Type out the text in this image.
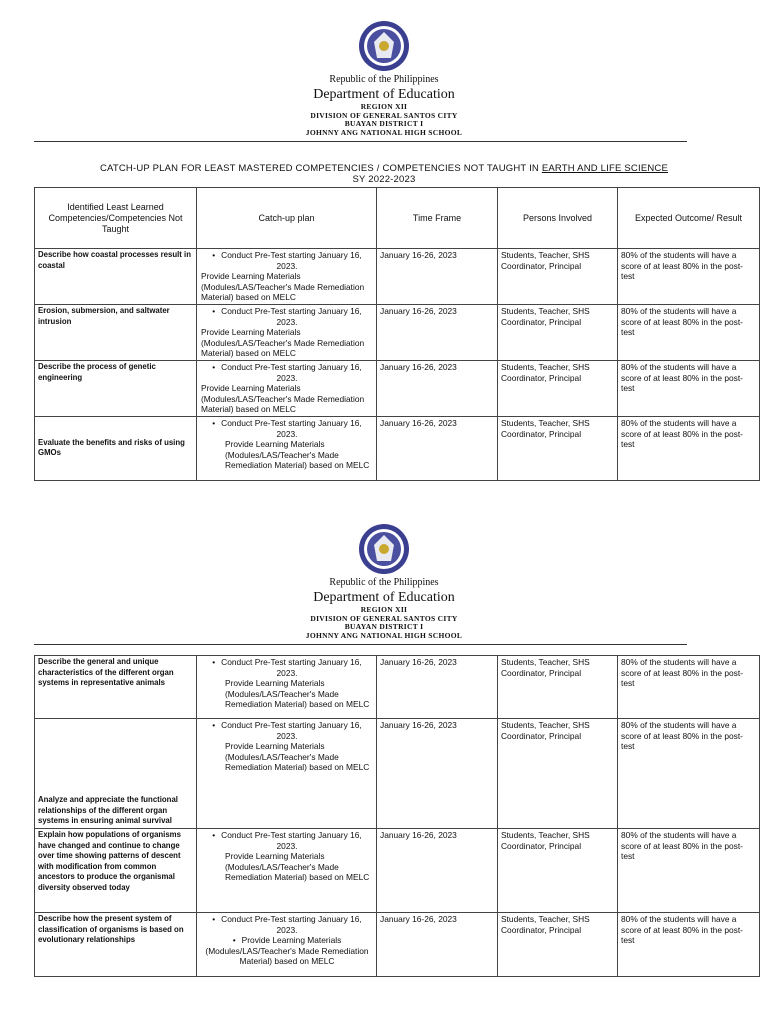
Republic of the Philippines
Department of Education
REGION XII
DIVISION OF GENERAL SANTOS CITY
BUAYAN DISTRICT I
JOHNNY ANG NATIONAL HIGH SCHOOL
CATCH-UP PLAN FOR LEAST MASTERED COMPETENCIES / COMPETENCIES NOT TAUGHT IN EARTH AND LIFE SCIENCE
SY 2022-2023
Identified Least Learned Competencies/Competencies Not Taught	Catch-up plan	Time Frame	Persons Involved	Expected Outcome/ Result
Describe how coastal processes result in coastal	• Conduct Pre-Test starting January 16, 2023.
Provide Learning Materials (Modules/LAS/Teacher's Made Remediation Material) based on MELC	January 16-26, 2023	Students, Teacher, SHS Coordinator, Principal	80% of the students will have a score of at least 80% in the post-test
Erosion, submersion, and saltwater intrusion	• Conduct Pre-Test starting January 16, 2023.
Provide Learning Materials (Modules/LAS/Teacher's Made Remediation Material) based on MELC	January 16-26, 2023	Students, Teacher, SHS Coordinator, Principal	80% of the students will have a score of at least 80% in the post-test
Describe the process of genetic engineering	• Conduct Pre-Test starting January 16, 2023.
Provide Learning Materials (Modules/LAS/Teacher's Made Remediation Material) based on MELC	January 16-26, 2023	Students, Teacher, SHS Coordinator, Principal	80% of the students will have a score of at least 80% in the post-test
Evaluate the benefits and risks of using GMOs	• Conduct Pre-Test starting January 16, 2023.
Provide Learning Materials (Modules/LAS/Teacher's Made Remediation Material) based on MELC	January 16-26, 2023	Students, Teacher, SHS Coordinator, Principal	80% of the students will have a score of at least 80% in the post-test
Republic of the Philippines
Department of Education
REGION XII
DIVISION OF GENERAL SANTOS CITY
BUAYAN DISTRICT I
JOHNNY ANG NATIONAL HIGH SCHOOL
Describe the general and unique characteristics of the different organ systems in representative animals	• Conduct Pre-Test starting January 16, 2023.
Provide Learning Materials (Modules/LAS/Teacher's Made Remediation Material) based on MELC	January 16-26, 2023	Students, Teacher, SHS Coordinator, Principal	80% of the students will have a score of at least 80% in the post-test
Analyze and appreciate the functional relationships of the different organ systems in ensuring animal survival	• Conduct Pre-Test starting January 16, 2023.
Provide Learning Materials (Modules/LAS/Teacher's Made Remediation Material) based on MELC	January 16-26, 2023	Students, Teacher, SHS Coordinator, Principal	80% of the students will have a score of at least 80% in the post-test
Explain how populations of organisms have changed and continue to change over time showing patterns of descent with modification from common ancestors to produce the organismal diversity observed today	• Conduct Pre-Test starting January 16, 2023.
Provide Learning Materials (Modules/LAS/Teacher's Made Remediation Material) based on MELC	January 16-26, 2023	Students, Teacher, SHS Coordinator, Principal	80% of the students will have a score of at least 80% in the post-test
Describe how the present system of classification of organisms is based on evolutionary relationships	• Conduct Pre-Test starting January 16, 2023.
• Provide Learning Materials (Modules/LAS/Teacher's Made Remediation Material) based on MELC	January 16-26, 2023	Students, Teacher, SHS Coordinator, Principal	80% of the students will have a score of at least 80% in the post-test
